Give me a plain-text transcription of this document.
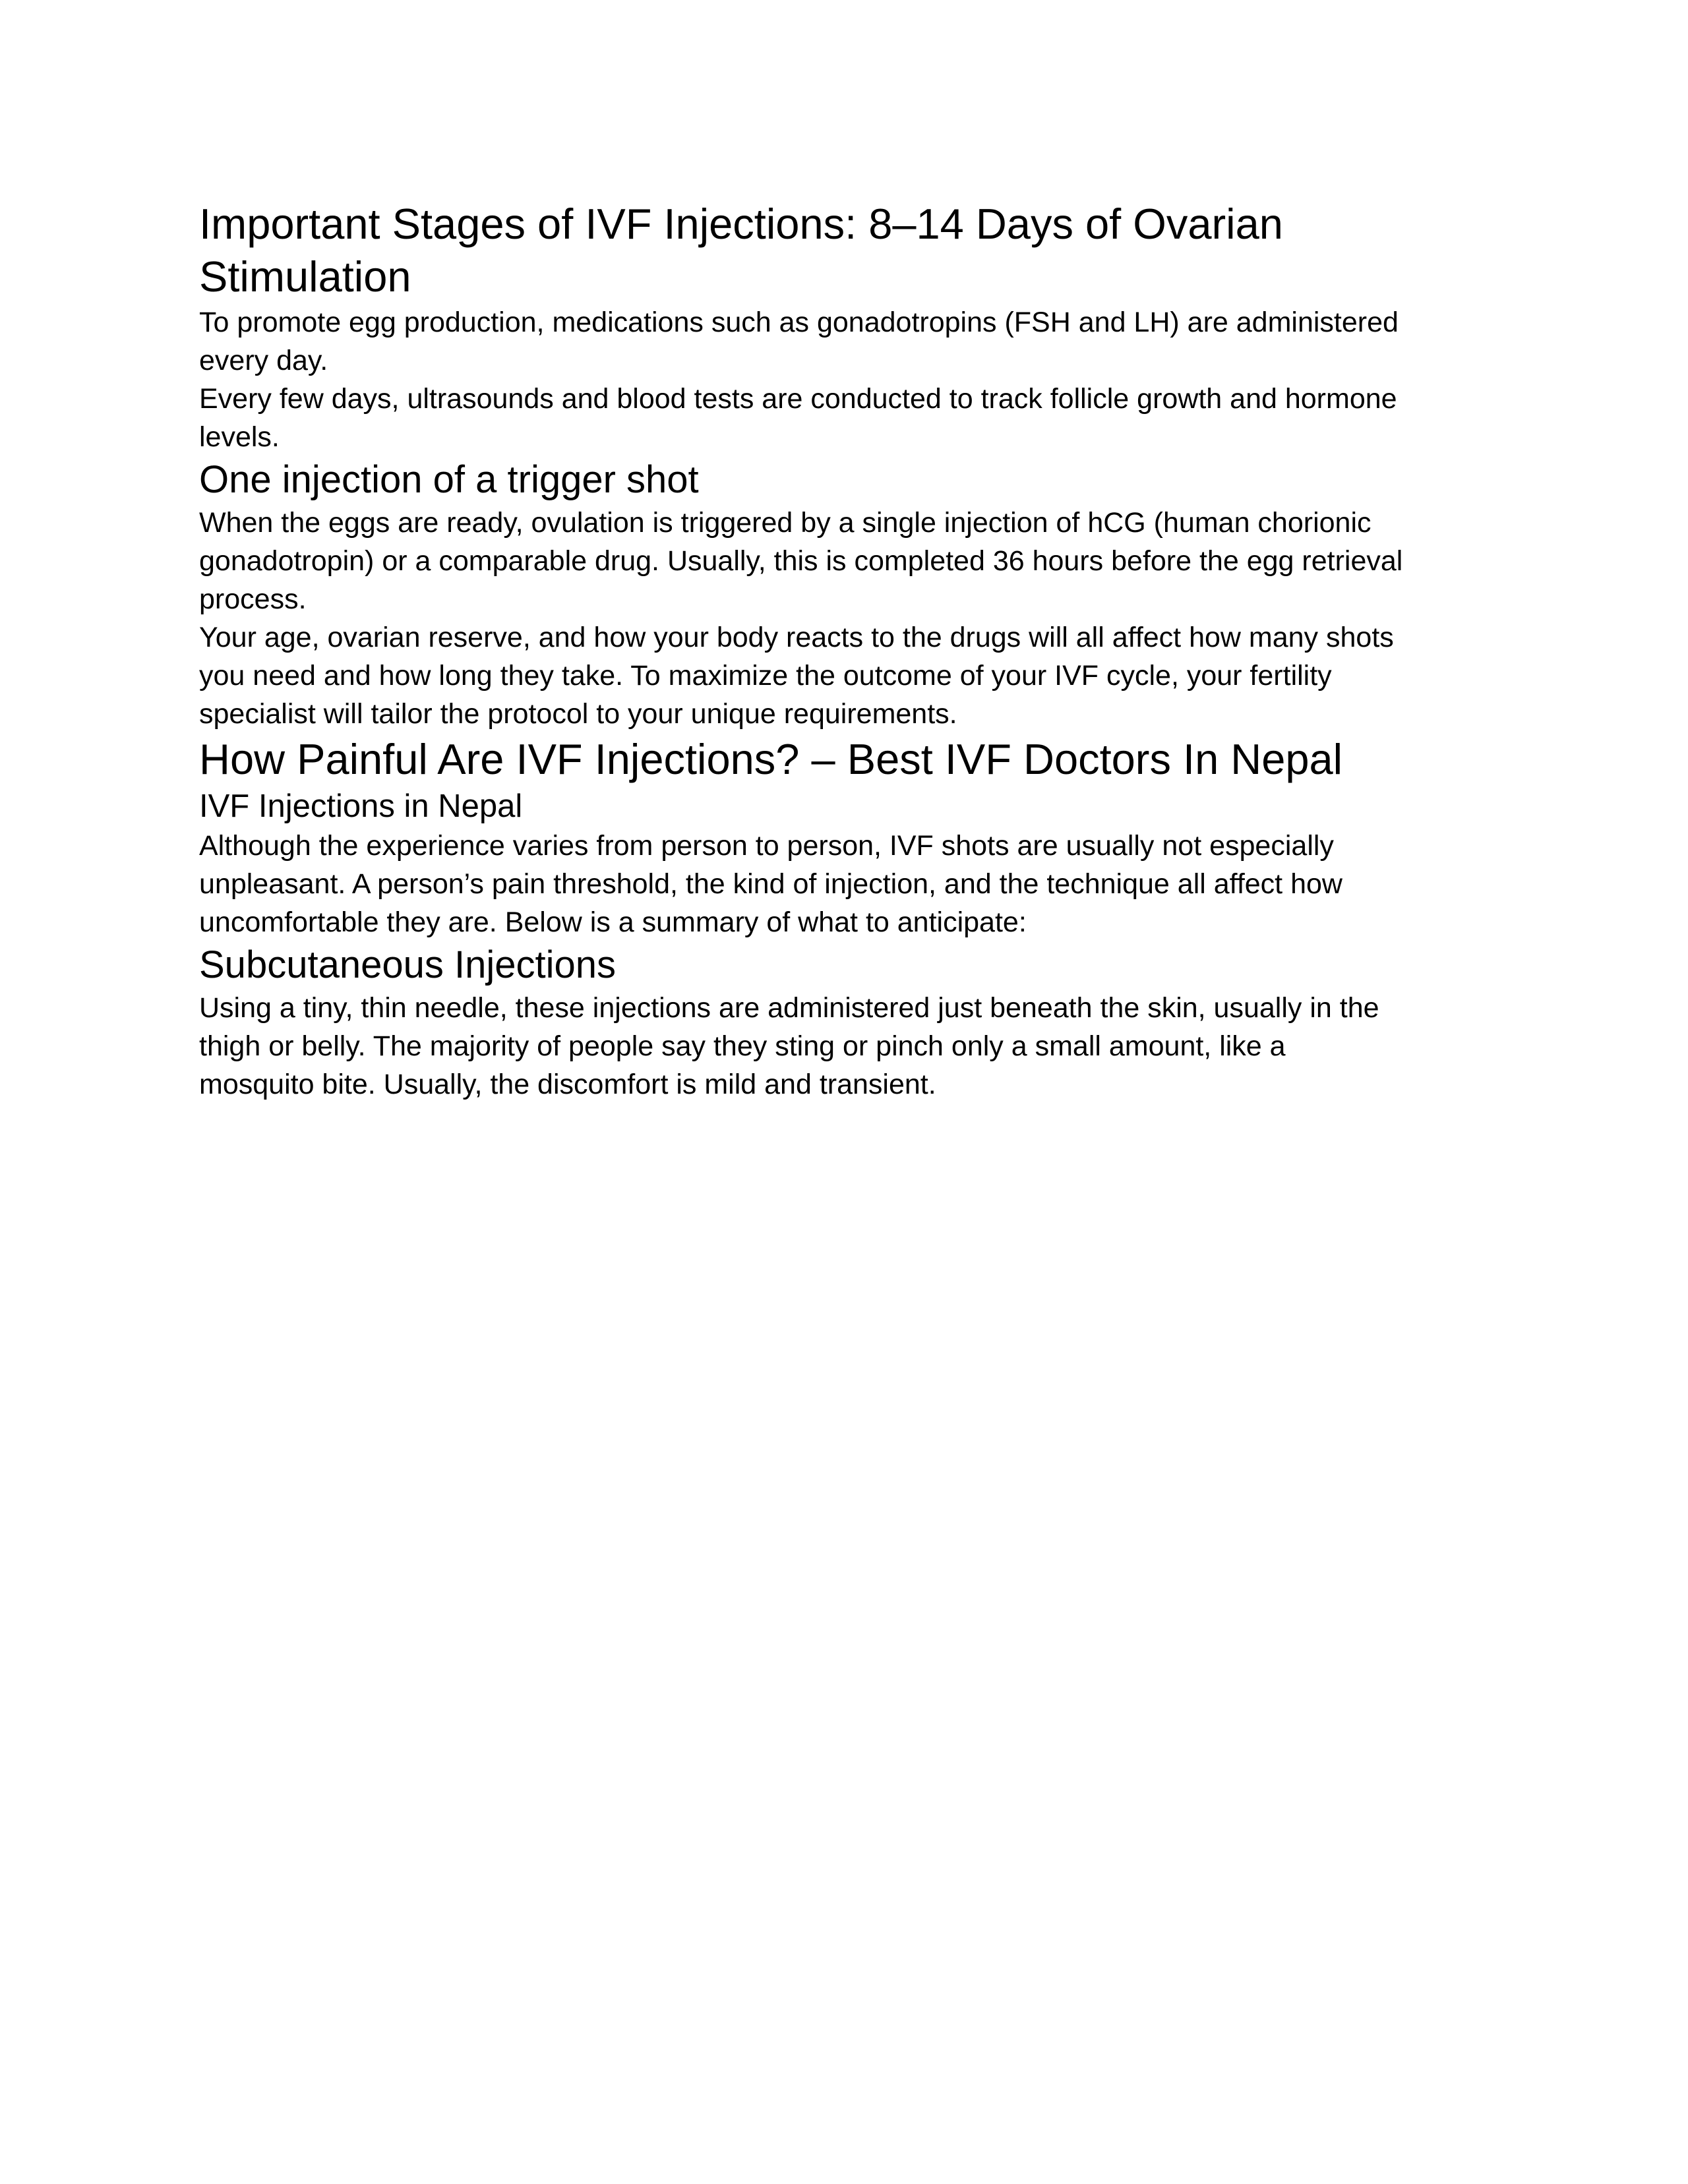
Important Stages of IVF Injections: 8–14 Days of Ovarian Stimulation

To promote egg production, medications such as gonadotropins (FSH and LH) are administered every day.

Every few days, ultrasounds and blood tests are conducted to track follicle growth and hormone levels.

One injection of a trigger shot

When the eggs are ready, ovulation is triggered by a single injection of hCG (human chorionic gonadotropin) or a comparable drug. Usually, this is completed 36 hours before the egg retrieval process.

Your age, ovarian reserve, and how your body reacts to the drugs will all affect how many shots you need and how long they take. To maximize the outcome of your IVF cycle, your fertility specialist will tailor the protocol to your unique requirements.

How Painful Are IVF Injections? – Best IVF Doctors In Nepal
IVF Injections in Nepal

Although the experience varies from person to person, IVF shots are usually not especially unpleasant. A person’s pain threshold, the kind of injection, and the technique all affect how uncomfortable they are. Below is a summary of what to anticipate:

Subcutaneous Injections

Using a tiny, thin needle, these injections are administered just beneath the skin, usually in the thigh or belly. The majority of people say they sting or pinch only a small amount, like a mosquito bite. Usually, the discomfort is mild and transient.
